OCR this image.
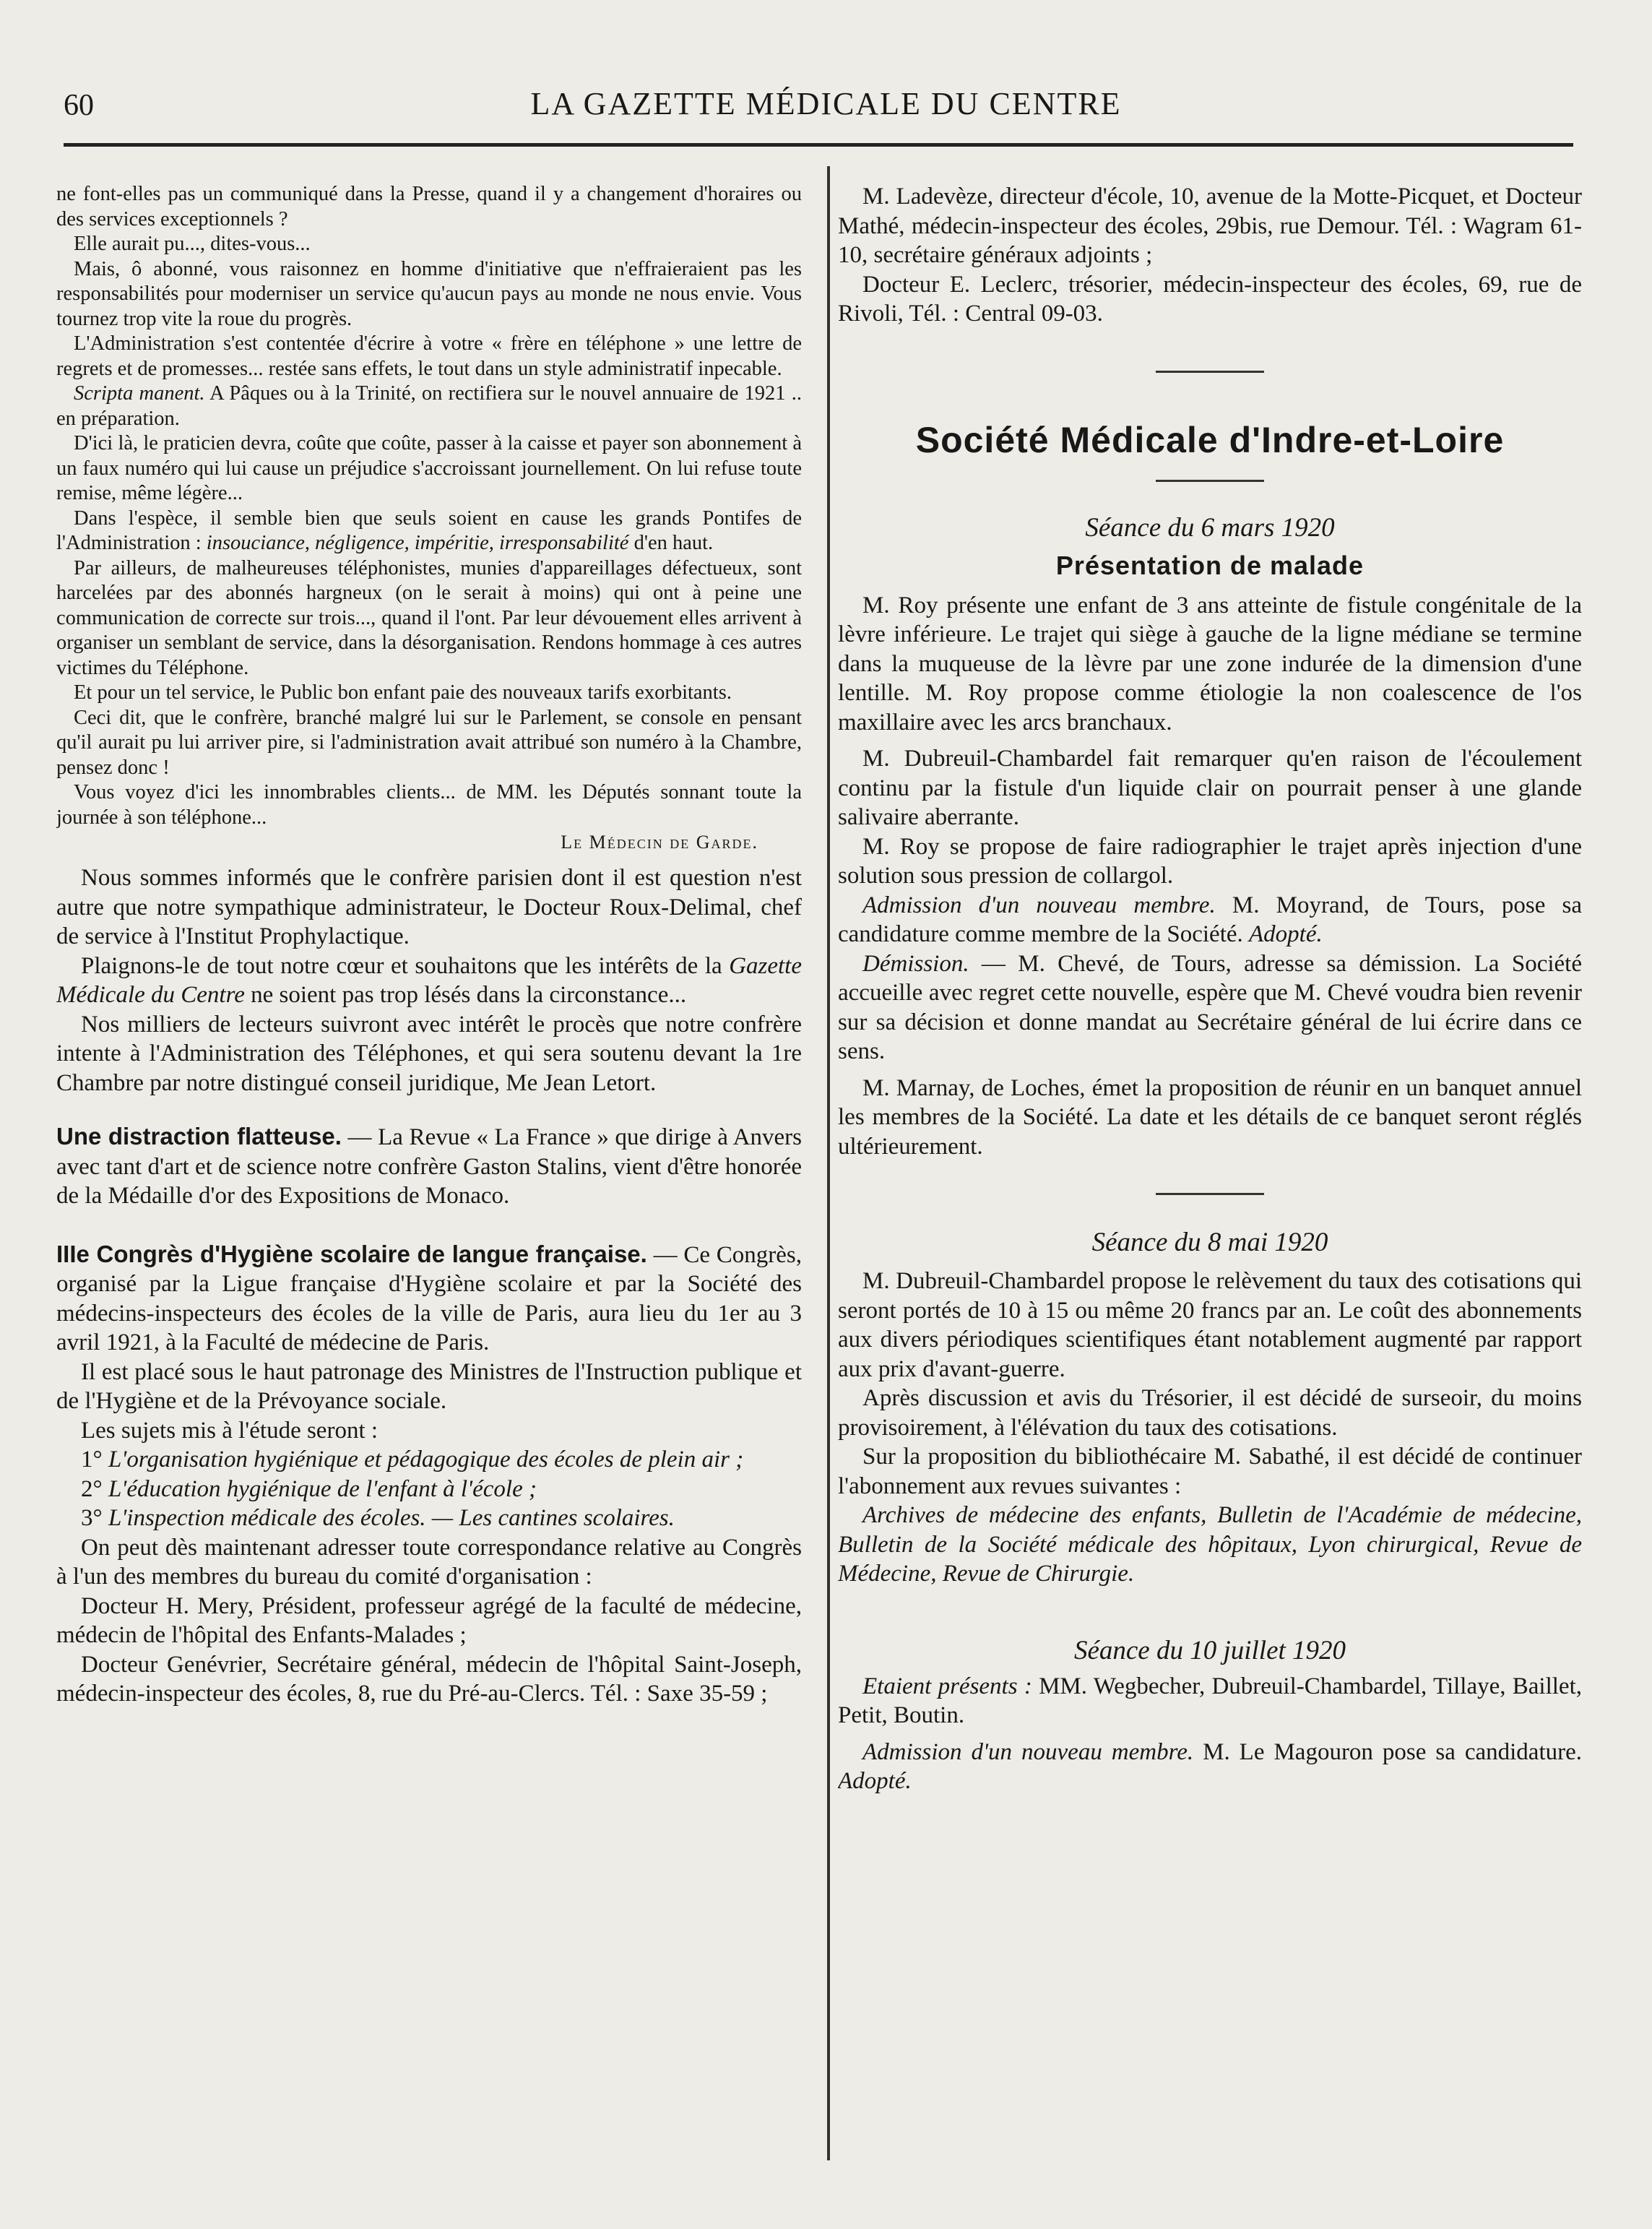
60	LA GAZETTE MÉDICALE DU CENTRE

ne font-elles pas un communiqué dans la Presse, quand il y a changement d'horaires ou des services exceptionnels ?

Elle aurait pu..., dites-vous...

Mais, ô abonné, vous raisonnez en homme d'initiative que n'effraieraient pas les responsabilités pour moderniser un service qu'aucun pays au monde ne nous envie. Vous tournez trop vite la roue du progrès.

L'Administration s'est contentée d'écrire à votre « frère en téléphone » une lettre de regrets et de promesses... restée sans effets, le tout dans un style administratif inpecable.

Scripta manent. A Pâques ou à la Trinité, on rectifiera sur le nouvel annuaire de 1921 .. en préparation.

D'ici là, le praticien devra, coûte que coûte, passer à la caisse et payer son abonnement à un faux numéro qui lui cause un préjudice s'accroissant journellement. On lui refuse toute remise, même légère...

Dans l'espèce, il semble bien que seuls soient en cause les grands Pontifes de l'Administration : insouciance, négligence, impéritie, irresponsabilité d'en haut.

Par ailleurs, de malheureuses téléphonistes, munies d'appareillages défectueux, sont harcelées par des abonnés hargneux (on le serait à moins) qui ont à peine une communication de correcte sur trois..., quand il l'ont. Par leur dévouement elles arrivent à organiser un semblant de service, dans la désorganisation. Rendons hommage à ces autres victimes du Téléphone.

Et pour un tel service, le Public bon enfant paie des nouveaux tarifs exorbitants.

Ceci dit, que le confrère, branché malgré lui sur le Parlement, se console en pensant qu'il aurait pu lui arriver pire, si l'administration avait attribué son numéro à la Chambre, pensez donc !

Vous voyez d'ici les innombrables clients... de MM. les Députés sonnant toute la journée à son téléphone...

Le Médecin de Garde.

Nous sommes informés que le confrère parisien dont il est question n'est autre que notre sympathique administrateur, le Docteur Roux-Delimal, chef de service à l'Institut Prophylactique.

Plaignons-le de tout notre cœur et souhaitons que les intérêts de la Gazette Médicale du Centre ne soient pas trop lésés dans la circonstance...

Nos milliers de lecteurs suivront avec intérêt le procès que notre confrère intente à l'Administration des Téléphones, et qui sera soutenu devant la 1re Chambre par notre distingué conseil juridique, Me Jean Letort.

Une distraction flatteuse. — La Revue « La France » que dirige à Anvers avec tant d'art et de science notre confrère Gaston Stalins, vient d'être honorée de la Médaille d'or des Expositions de Monaco.

IIIe Congrès d'Hygiène scolaire de langue française. — Ce Congrès, organisé par la Ligue française d'Hygiène scolaire et par la Société des médecins-inspecteurs des écoles de la ville de Paris, aura lieu du 1er au 3 avril 1921, à la Faculté de médecine de Paris.

Il est placé sous le haut patronage des Ministres de l'Instruction publique et de l'Hygiène et de la Prévoyance sociale.

Les sujets mis à l'étude seront :

1° L'organisation hygiénique et pédagogique des écoles de plein air ;

2° L'éducation hygiénique de l'enfant à l'école ;

3° L'inspection médicale des écoles. — Les cantines scolaires.

On peut dès maintenant adresser toute correspondance relative au Congrès à l'un des membres du bureau du comité d'organisation :

Docteur H. Mery, Président, professeur agrégé de la faculté de médecine, médecin de l'hôpital des Enfants-Malades ;

Docteur Genévrier, Secrétaire général, médecin de l'hôpital Saint-Joseph, médecin-inspecteur des écoles, 8, rue du Pré-au-Clercs. Tél. : Saxe 35-59 ;

M. Ladevèze, directeur d'école, 10, avenue de la Motte-Picquet, et Docteur Mathé, médecin-inspecteur des écoles, 29bis, rue Demour. Tél. : Wagram 61-10, secrétaire généraux adjoints ;

Docteur E. Leclerc, trésorier, médecin-inspecteur des écoles, 69, rue de Rivoli, Tél. : Central 09-03.

Société Médicale d'Indre-et-Loire

Séance du 6 mars 1920

Présentation de malade

M. Roy présente une enfant de 3 ans atteinte de fistule congénitale de la lèvre inférieure. Le trajet qui siège à gauche de la ligne médiane se termine dans la muqueuse de la lèvre par une zone indurée de la dimension d'une lentille. M. Roy propose comme étiologie la non coalescence de l'os maxillaire avec les arcs branchaux.

M. Dubreuil-Chambardel fait remarquer qu'en raison de l'écoulement continu par la fistule d'un liquide clair on pourrait penser à une glande salivaire aberrante.

M. Roy se propose de faire radiographier le trajet après injection d'une solution sous pression de collargol.

Admission d'un nouveau membre. M. Moyrand, de Tours, pose sa candidature comme membre de la Société. Adopté.

Démission. — M. Chevé, de Tours, adresse sa démission. La Société accueille avec regret cette nouvelle, espère que M. Chevé voudra bien revenir sur sa décision et donne mandat au Secrétaire général de lui écrire dans ce sens.

M. Marnay, de Loches, émet la proposition de réunir en un banquet annuel les membres de la Société. La date et les détails de ce banquet seront réglés ultérieurement.

Séance du 8 mai 1920

M. Dubreuil-Chambardel propose le relèvement du taux des cotisations qui seront portés de 10 à 15 ou même 20 francs par an. Le coût des abonnements aux divers périodiques scientifiques étant notablement augmenté par rapport aux prix d'avant-guerre.

Après discussion et avis du Trésorier, il est décidé de surseoir, du moins provisoirement, à l'élévation du taux des cotisations.

Sur la proposition du bibliothécaire M. Sabathé, il est décidé de continuer l'abonnement aux revues suivantes :

Archives de médecine des enfants, Bulletin de l'Académie de médecine, Bulletin de la Société médicale des hôpitaux, Lyon chirurgical, Revue de Médecine, Revue de Chirurgie.

Séance du 10 juillet 1920

Etaient présents : MM. Wegbecher, Dubreuil-Chambardel, Tillaye, Baillet, Petit, Boutin.

Admission d'un nouveau membre. M. Le Magouron pose sa candidature. Adopté.
